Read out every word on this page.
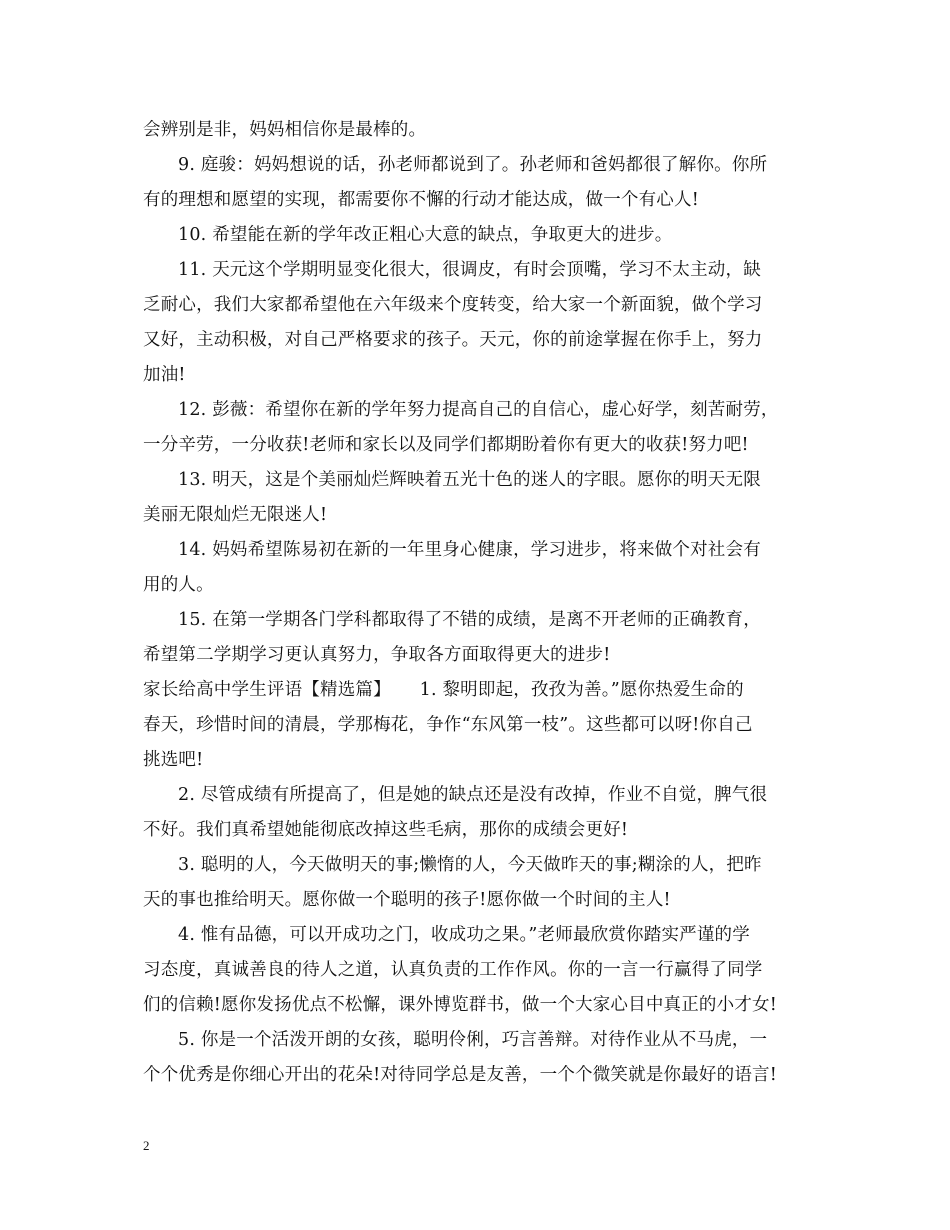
会辨别是非，妈妈相信你是最棒的。
9. 庭骏：妈妈想说的话，孙老师都说到了。孙老师和爸妈都很了解你。你所
有的理想和愿望的实现，都需要你不懈的行动才能达成，做一个有心人!
10. 希望能在新的学年改正粗心大意的缺点，争取更大的进步。
11. 天元这个学期明显变化很大，很调皮，有时会顶嘴，学习不太主动，缺
乏耐心，我们大家都希望他在六年级来个度转变，给大家一个新面貌，做个学习
又好，主动积极，对自己严格要求的孩子。天元，你的前途掌握在你手上，努力
加油!
12. 彭薇：希望你在新的学年努力提高自己的自信心，虚心好学，刻苦耐劳，
一分辛劳，一分收获!老师和家长以及同学们都期盼着你有更大的收获!努力吧!
13. 明天，这是个美丽灿烂辉映着五光十色的迷人的字眼。愿你的明天无限
美丽无限灿烂无限迷人!
14. 妈妈希望陈易初在新的一年里身心健康，学习进步，将来做个对社会有
用的人。
15. 在第一学期各门学科都取得了不错的成绩，是离不开老师的正确教育，
希望第二学期学习更认真努力，争取各方面取得更大的进步!
家长给高中学生评语【精选篇】     1. 黎明即起，孜孜为善。”愿你热爱生命的
春天，珍惜时间的清晨，学那梅花，争作“东风第一枝”。这些都可以呀!你自己
挑选吧!
2. 尽管成绩有所提高了，但是她的缺点还是没有改掉，作业不自觉，脾气很
不好。我们真希望她能彻底改掉这些毛病，那你的成绩会更好!
3. 聪明的人，今天做明天的事;懒惰的人，今天做昨天的事;糊涂的人，把昨
天的事也推给明天。愿你做一个聪明的孩子!愿你做一个时间的主人!
4. 惟有品德，可以开成功之门，收成功之果。”老师最欣赏你踏实严谨的学
习态度，真诚善良的待人之道，认真负责的工作作风。你的一言一行赢得了同学
们的信赖!愿你发扬优点不松懈，课外博览群书，做一个大家心目中真正的小才女!
5. 你是一个活泼开朗的女孩，聪明伶俐，巧言善辩。对待作业从不马虎，一
个个优秀是你细心开出的花朵!对待同学总是友善，一个个微笑就是你最好的语言!
2
